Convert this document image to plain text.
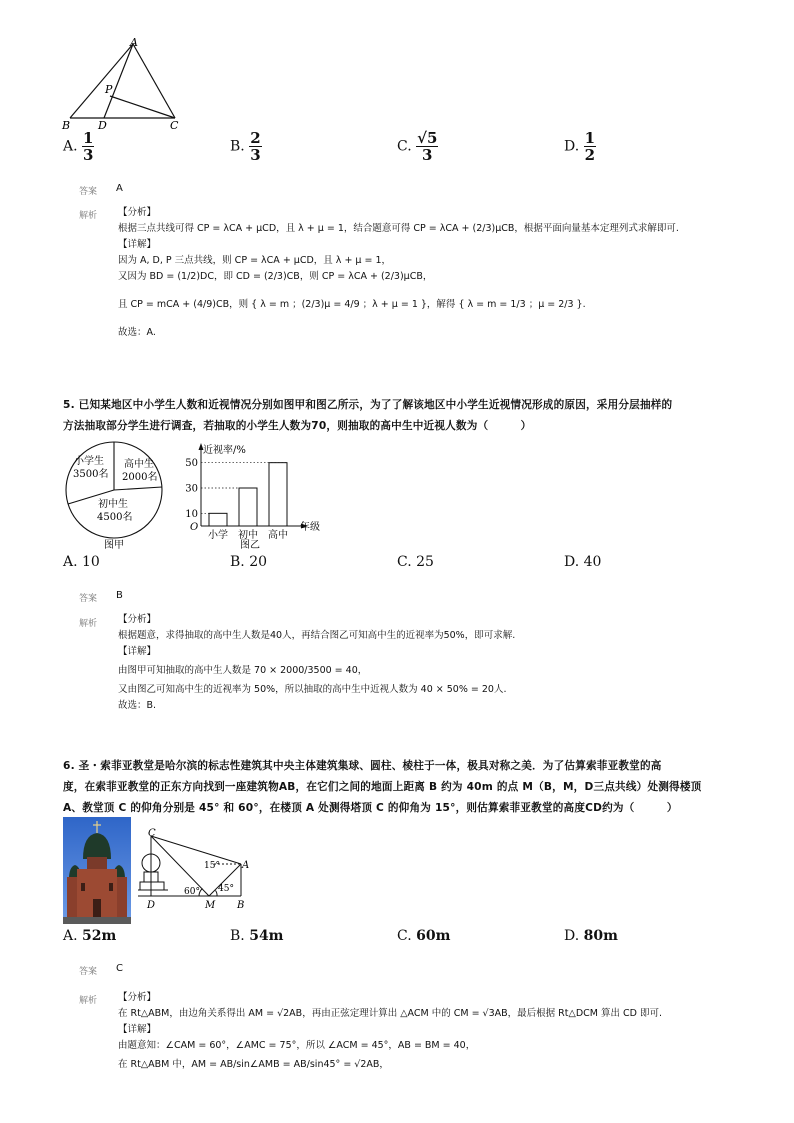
A
B	D	C
P
A. $\frac{1}{3}$	B. $\frac{2}{3}$	C. $\frac{√5}{3}$	D. $\frac{1}{2}$
答案 A
解析 【分析】
根据三点共线可得 CP = λCA + μCD，且 λ + μ = 1，结合题意可得 CP = λCA + (2/3)μCB，根据平面向量基本定理列式求解即可.
【详解】
因为 A, D, P 三点共线，则 CP = λCA + μCD，且 λ + μ = 1，
又因为 BD = (1/2)DC，即 CD = (2/3)CB，则 CP = λCA + (2/3)μCB，
且 CP = mCA + (4/9)CB，则 { λ = m ；(2/3)μ = 4/9 ；λ + μ = 1 }，解得 { λ = m = 1/3 ；μ = 2/3 }.
故选：A.
5. 已知某地区中小学生人数和近视情况分别如图甲和图乙所示，为了了解该地区中小学生近视情况形成的原因，采用分层抽样的
方法抽取部分学生进行调查，若抽取的小学生人数为70，则抽取的高中生中近视人数为（　　　）
小学生
3500名
高中生
2000名
初中生
4500名
图甲
近视率/%
年级
O
图乙
小学 初中 高中
10
30
50
A. 10	B. 20	C. 25	D. 40
答案 B
解析 【分析】
根据题意，求得抽取的高中生人数是40人，再结合图乙可知高中生的近视率为50%，即可求解.
【详解】
由图甲可知抽取的高中生人数是 70 × 2000/3500 = 40，
又由图乙可知高中生的近视率为 50%，所以抽取的高中生中近视人数为 40 × 50% = 20人.
故选：B.
6. 圣・索菲亚教堂是哈尔滨的标志性建筑其中央主体建筑集球、圆柱、棱柱于一体，极具对称之美．为了估算索菲亚教堂的高
度，在索菲亚教堂的正东方向找到一座建筑物AB，在它们之间的地面上距离 B 约为 40m 的点 M（B，M，D三点共线）处测得楼顶
A、教堂顶 C 的仰角分别是 45° 和 60°，在楼顶 A 处测得塔顶 C 的仰角为 15°，则估算索菲亚教堂的高度CD约为（　　　）
C
A
D	M B
15°
60° 45°
A. 52m	B. 54m	C. 60m	D. 80m
答案 C
解析 【分析】
在 Rt△ABM，由边角关系得出 AM = √2AB，再由正弦定理计算出 △ACM 中的 CM = √3AB，最后根据 Rt△DCM 算出 CD 即可.
【详解】
由题意知：∠CAM = 60°，∠AMC = 75°，所以 ∠ACM = 45°，AB = BM = 40，
在 Rt△ABM 中，AM = AB/sin∠AMB = AB/sin45° = √2AB，
